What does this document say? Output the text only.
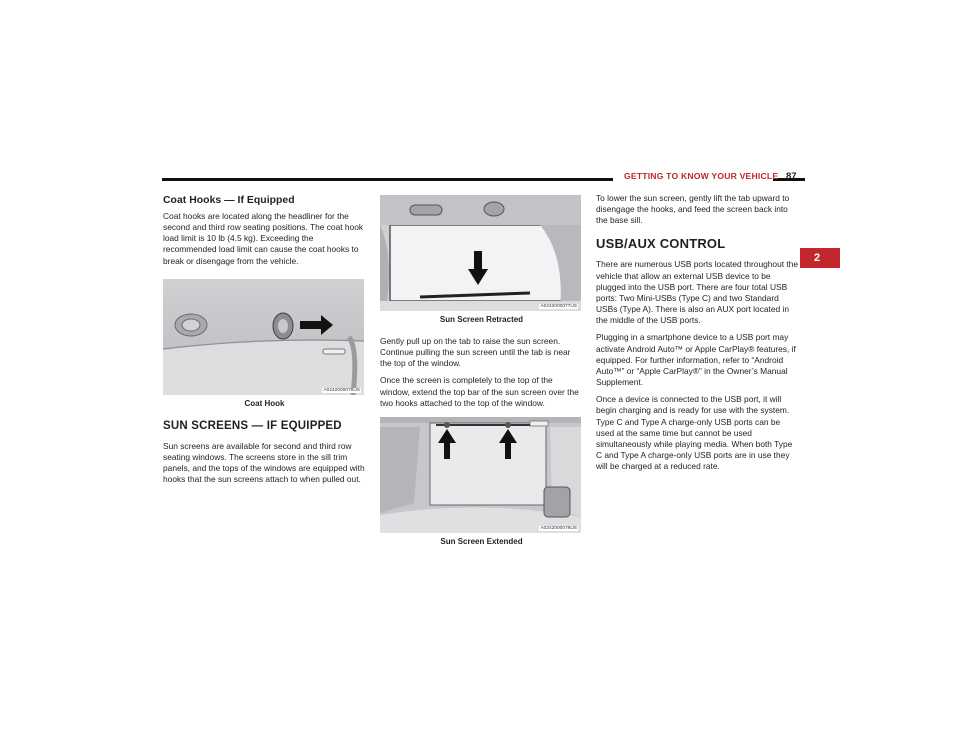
GETTING TO KNOW YOUR VEHICLE 87
2
Coat Hooks — If Equipped

Coat hooks are located along the headliner for the second and third row seating positions. The coat hook load limit is 10 lb (4.5 kg). Exceeding the recommended load limit can cause the coat hooks to break or disengage from the vehicle.

A0242000076US
Coat Hook
SUN SCREENS — IF EQUIPPED

Sun screens are available for second and third row seating windows. The screens store in the sill trim panels, and the tops of the windows are equipped with hooks that the sun screens attach to when pulled out.

A0242000077US
Sun Screen Retracted

Gently pull up on the tab to raise the sun screen. Continue pulling the sun screen until the tab is near the top of the window.

Once the screen is completely to the top of the window, extend the top bar of the sun screen over the two hooks attached to the top of the window.

A0242000078US
Sun Screen Extended

To lower the sun screen, gently lift the tab upward to disengage the hooks, and feed the screen back into the base sill.

USB/AUX CONTROL

There are numerous USB ports located throughout the vehicle that allow an external USB device to be plugged into the USB port. There are four total USB ports: Two Mini-USBs (Type C) and two Standard USBs (Type A). There is also an AUX port located in the middle of the USB ports.

Plugging in a smartphone device to a USB port may activate Android Auto™ or Apple CarPlay® features, if equipped. For further information, refer to “Android Auto™” or “Apple CarPlay®” in the Owner’s Manual Supplement.

Once a device is connected to the USB port, it will begin charging and is ready for use with the system. Type C and Type A charge-only USB ports can be used at the same time but cannot be used simultaneously while playing media. When both Type C and Type A charge-only USB ports are in use they will be charged at a reduced rate.
